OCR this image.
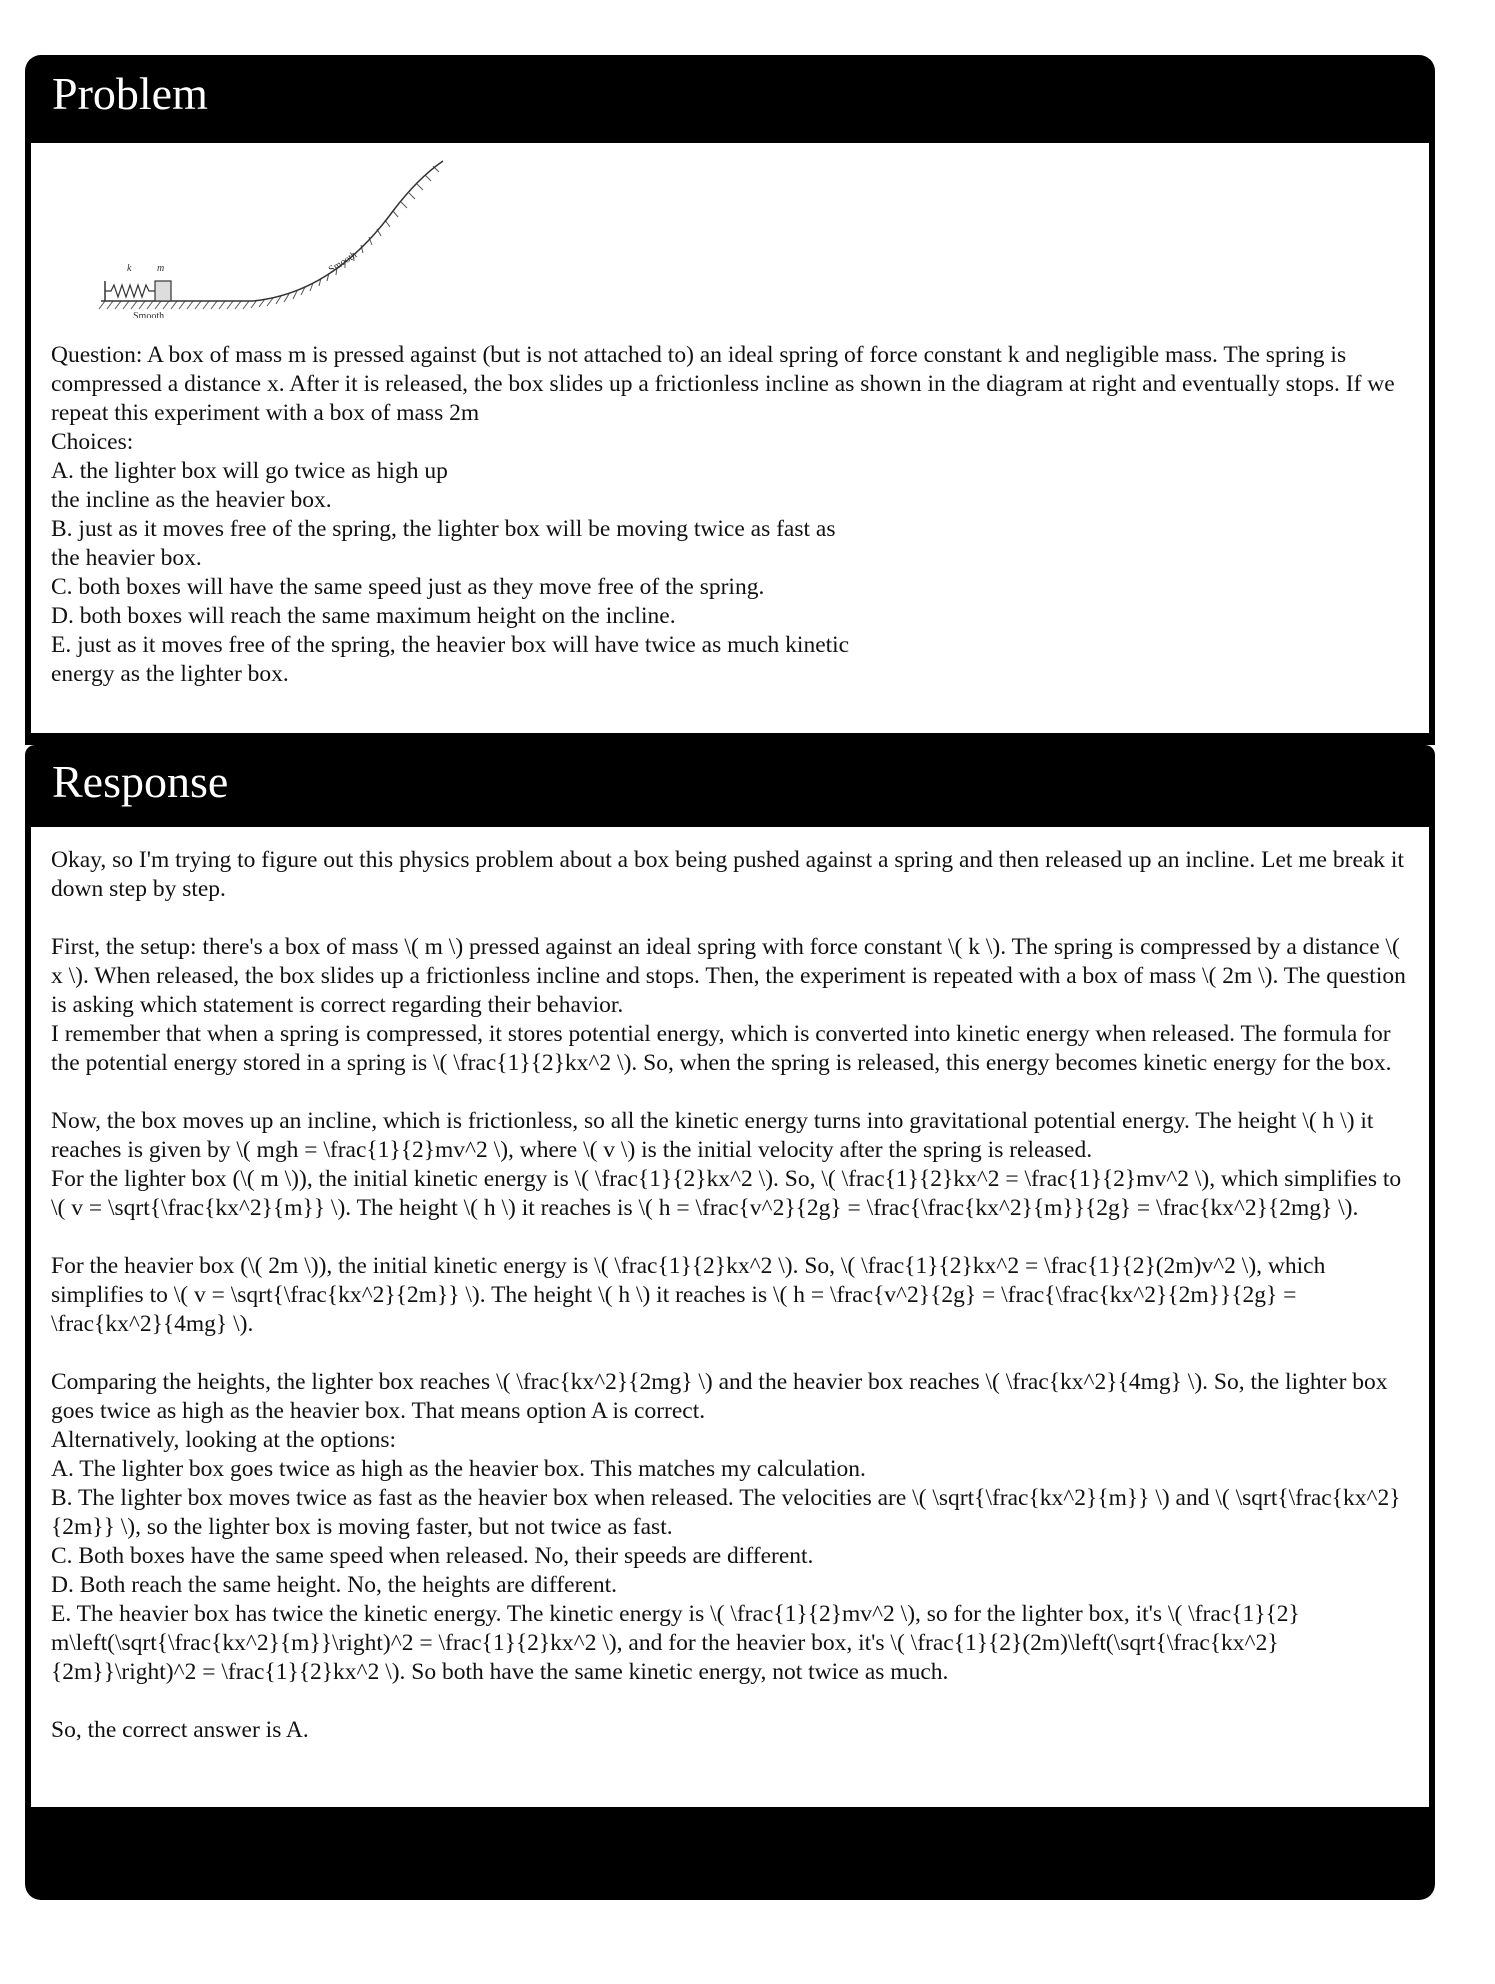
Problem
k	m
Smooth
Smooth
Question: A box of mass m is pressed against (but is not attached to) an ideal spring of force constant k and negligible mass. The spring is compressed a distance x. After it is released, the box slides up a frictionless incline as shown in the diagram at right and eventually stops. If we repeat this experiment with a box of mass 2m
Choices:
A. the lighter box will go twice as high up
the incline as the heavier box.
B. just as it moves free of the spring, the lighter box will be moving twice as fast as
the heavier box.
C. both boxes will have the same speed just as they move free of the spring.
D. both boxes will reach the same maximum height on the incline.
E. just as it moves free of the spring, the heavier box will have twice as much kinetic
energy as the lighter box.
Response
Okay, so I'm trying to figure out this physics problem about a box being pushed against a spring and then released up an incline. Let me break it down step by step.
First, the setup: there's a box of mass \( m \) pressed against an ideal spring with force constant \( k \). The spring is compressed by a distance \( x \). When released, the box slides up a frictionless incline and stops. Then, the experiment is repeated with a box of mass \( 2m \). The question is asking which statement is correct regarding their behavior.
I remember that when a spring is compressed, it stores potential energy, which is converted into kinetic energy when released. The formula for the potential energy stored in a spring is \( \frac{1}{2}kx^2 \). So, when the spring is released, this energy becomes kinetic energy for the box.
Now, the box moves up an incline, which is frictionless, so all the kinetic energy turns into gravitational potential energy. The height \( h \) it reaches is given by \( mgh = \frac{1}{2}mv^2 \), where \( v \) is the initial velocity after the spring is released.
For the lighter box (\( m \)), the initial kinetic energy is \( \frac{1}{2}kx^2 \). So, \( \frac{1}{2}kx^2 = \frac{1}{2}mv^2 \), which simplifies to \( v = \sqrt{\frac{kx^2}{m}} \). The height \( h \) it reaches is \( h = \frac{v^2}{2g} = \frac{\frac{kx^2}{m}}{2g} = \frac{kx^2}{2mg} \).
For the heavier box (\( 2m \)), the initial kinetic energy is \( \frac{1}{2}kx^2 \). So, \( \frac{1}{2}kx^2 = \frac{1}{2}(2m)v^2 \), which simplifies to \( v = \sqrt{\frac{kx^2}{2m}} \). The height \( h \) it reaches is \( h = \frac{v^2}{2g} = \frac{\frac{kx^2}{2m}}{2g} = \frac{kx^2}{4mg} \).
Comparing the heights, the lighter box reaches \( \frac{kx^2}{2mg} \) and the heavier box reaches \( \frac{kx^2}{4mg} \). So, the lighter box goes twice as high as the heavier box. That means option A is correct.
Alternatively, looking at the options:
A. The lighter box goes twice as high as the heavier box. This matches my calculation.
B. The lighter box moves twice as fast as the heavier box when released. The velocities are \( \sqrt{\frac{kx^2}{m}} \) and \( \sqrt{\frac{kx^2}{2m}} \), so the lighter box is moving faster, but not twice as fast.
C. Both boxes have the same speed when released. No, their speeds are different.
D. Both reach the same height. No, the heights are different.
E. The heavier box has twice the kinetic energy. The kinetic energy is \( \frac{1}{2}mv^2 \), so for the lighter box, it's \( \frac{1}{2} m\left(\sqrt{\frac{kx^2}{m}}\right)^2 = \frac{1}{2}kx^2 \), and for the heavier box, it's \( \frac{1}{2}(2m)\left(\sqrt{\frac{kx^2}{2m}}\right)^2 = \frac{1}{2}kx^2 \). So both have the same kinetic energy, not twice as much.
So, the correct answer is A.
